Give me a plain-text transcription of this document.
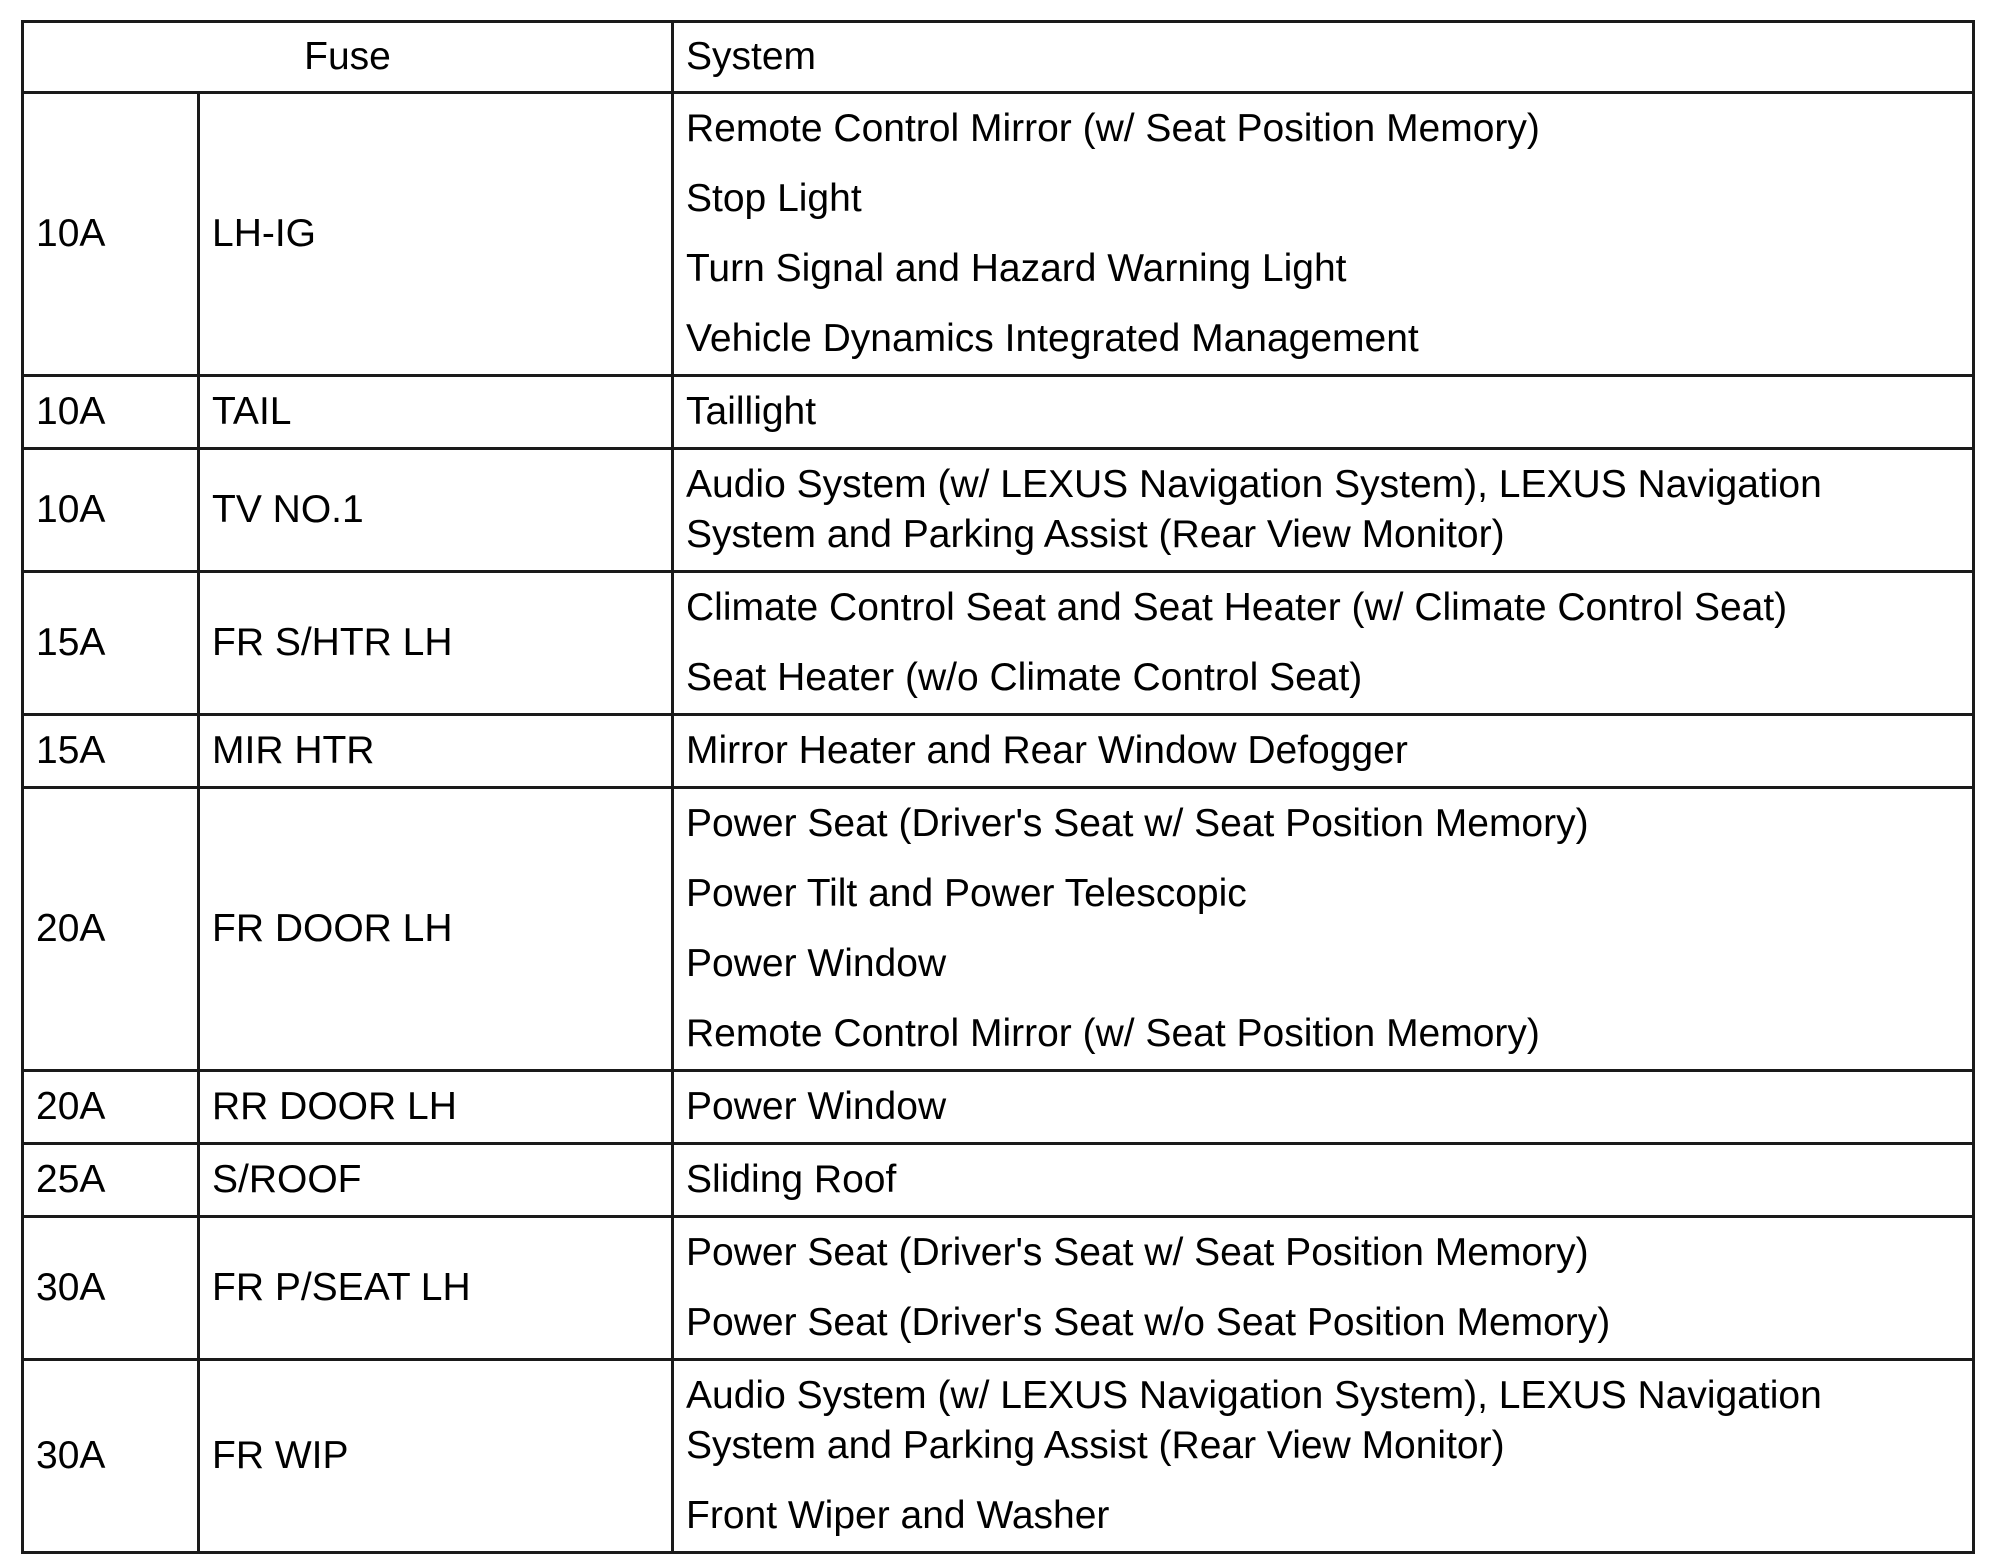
Fuse		System
10A	LH-IG	Remote Control Mirror (w/ Seat Position Memory)
Stop Light
Turn Signal and Hazard Warning Light
Vehicle Dynamics Integrated Management

10A	TAIL	Taillight

10A	TV NO.1	Audio System (w/ LEXUS Navigation System), LEXUS Navigation System and Parking Assist (Rear View Monitor)

15A	FR S/HTR LH	Climate Control Seat and Seat Heater (w/ Climate Control Seat)
Seat Heater (w/o Climate Control Seat)

15A	MIR HTR	Mirror Heater and Rear Window Defogger

20A	FR DOOR LH	Power Seat (Driver's Seat w/ Seat Position Memory)
Power Tilt and Power Telescopic
Power Window
Remote Control Mirror (w/ Seat Position Memory)

20A	RR DOOR LH	Power Window

25A	S/ROOF	Sliding Roof

30A	FR P/SEAT LH	Power Seat (Driver's Seat w/ Seat Position Memory)
Power Seat (Driver's Seat w/o Seat Position Memory)

30A	FR WIP	Audio System (w/ LEXUS Navigation System), LEXUS Navigation System and Parking Assist (Rear View Monitor)
Front Wiper and Washer
